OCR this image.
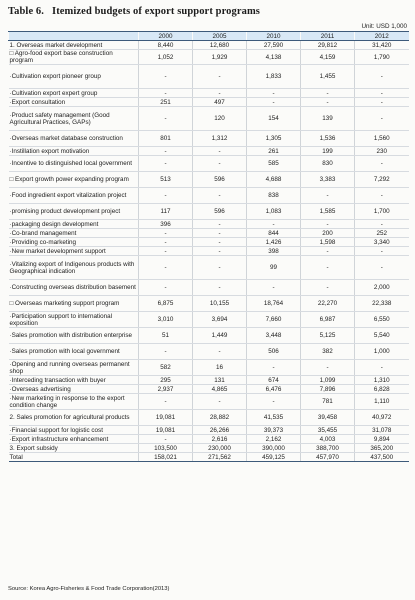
Table 6. Itemized budgets of export support programs
Unit: USD 1,000
	2000	2005	2010	2011	2012
1. Overseas market development	8,440	12,680	27,590	29,812	31,420
□ Agro-food export base construction program	1,052	1,929	4,138	4,159	1,790
·Cultivation export pioneer group	-	-	1,833	1,455	-
·Cultivation export expert group	-	-	-	-	-
·Export consultation	251	497	-	-	-
·Product safety management (Good Agricultural Practices, GAPs)	-	120	154	139	-
·Overseas market database construction	801	1,312	1,305	1,536	1,560
·Instillation export motivation	-	-	261	199	230
·Incentive to distinguished local government	-	-	585	830	-
□ Export growth power expanding program	513	596	4,688	3,383	7,292
·Food ingredient export vitalization project	-	-	838	-	-
·promising product development project	117	596	1,083	1,585	1,700
·packaging design development	396	-	-	-	-
·Co-brand management	-	-	844	200	252
·Providing co-marketing	-	-	1,426	1,598	3,340
·New market development support	-	-	398	-	-
·Vitalizing export of Indigenous products with Geographical indication	-	-	99	-	-
·Constructing overseas distribution basement	-	-	-	-	2,000
□ Overseas marketing support program	6,875	10,155	18,764	22,270	22,338
·Participation support to international exposition	3,010	3,694	7,660	6,987	6,550
·Sales promotion with distribution enterprise	51	1,449	3,448	5,125	5,540
·Sales promotion with local government	-	-	506	382	1,000
·Opening and running overseas permanent shop	582	16	-	-	-
·Interceding transaction with buyer	295	131	674	1,099	1,310
·Overseas advertising	2,937	4,865	6,476	7,896	6,828
·New marketing in response to the export condition change	-	-	-	781	1,110
2. Sales promotion for agricultural products	19,081	28,882	41,535	39,458	40,972
·Financial support for logistic cost	19,081	26,266	39,373	35,455	31,078
·Export infrastructure enhancement	-	2,616	2,162	4,003	9,894
3. Export subsidy	103,500	230,000	390,000	388,700	365,200
Total	158,021	271,562	459,125	457,970	437,500
Source: Korea Agro-Fisheries & Food Trade Corporation(2013)
